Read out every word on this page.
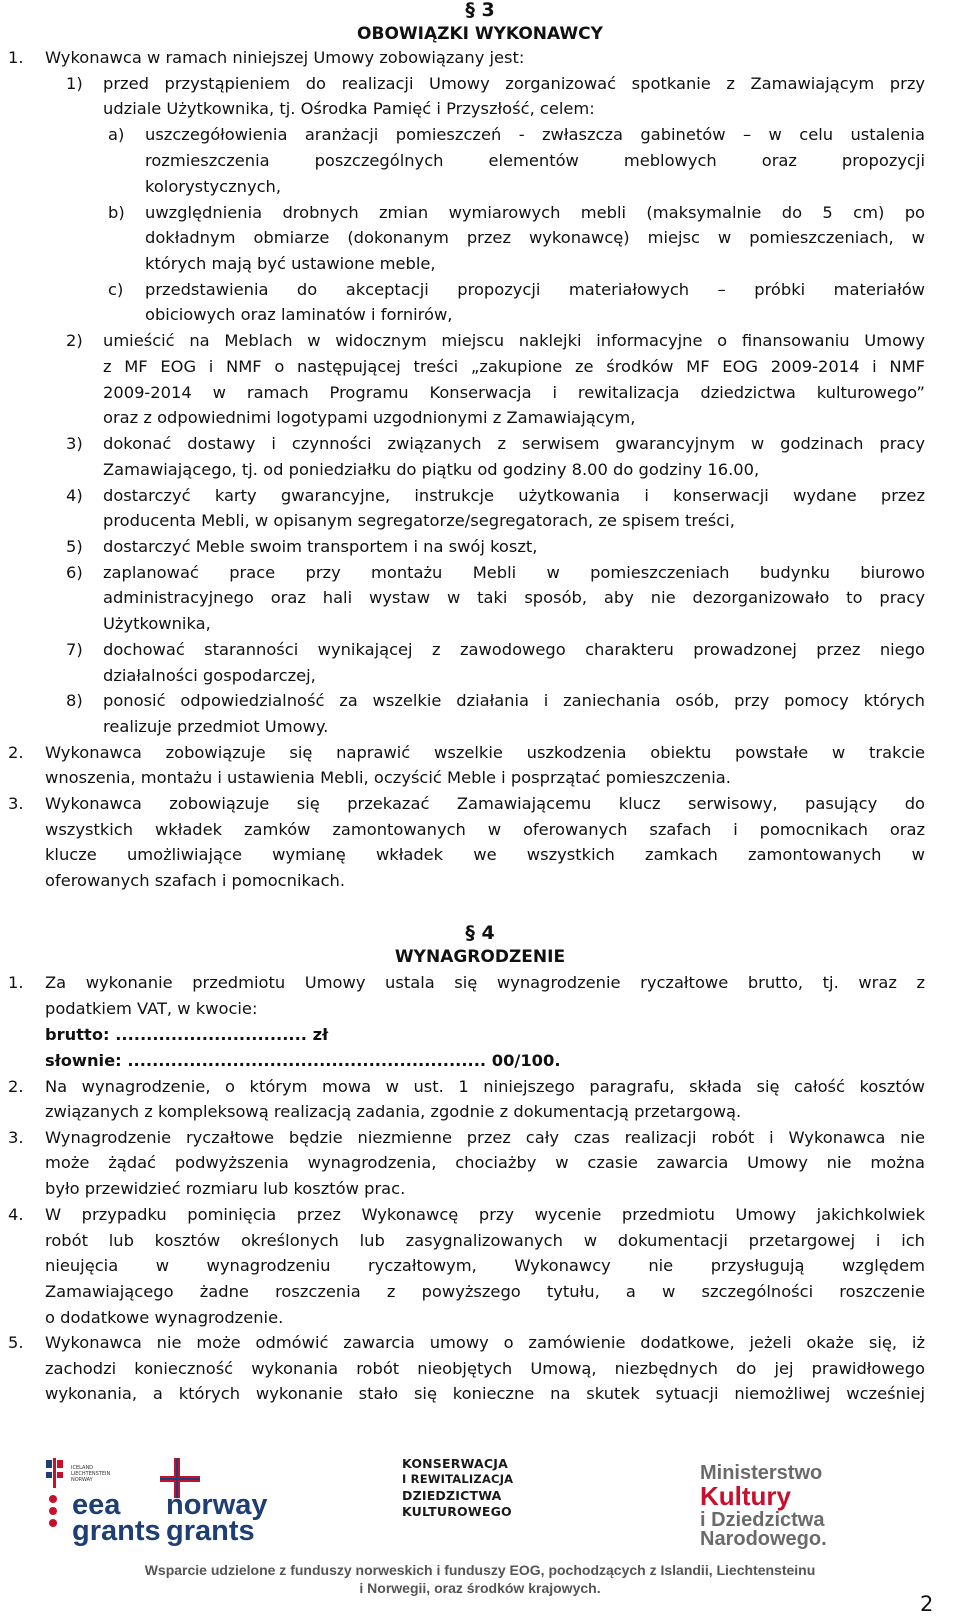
§ 3
OBOWIĄZKI WYKONAWCY
1. Wykonawca w ramach niniejszej Umowy zobowiązany jest:
1) przed przystąpieniem do realizacji Umowy zorganizować spotkanie z Zamawiającym przy
udziale Użytkownika, tj. Ośrodka Pamięć i Przyszłość, celem:
a) uszczegółowienia aranżacji pomieszczeń - zwłaszcza gabinetów – w celu ustalenia
rozmieszczenia poszczególnych elementów meblowych oraz propozycji
kolorystycznych,
b) uwzględnienia drobnych zmian wymiarowych mebli (maksymalnie do 5 cm) po
dokładnym obmiarze (dokonanym przez wykonawcę) miejsc w pomieszczeniach, w
których mają być ustawione meble,
c) przedstawienia do akceptacji propozycji materiałowych – próbki materiałów
obiciowych oraz laminatów i fornirów,
2) umieścić na Meblach w widocznym miejscu naklejki informacyjne o finansowaniu Umowy
z MF EOG i NMF o następującej treści „zakupione ze środków MF EOG 2009-2014 i NMF
2009-2014 w ramach Programu Konserwacja i rewitalizacja dziedzictwa kulturowego”
oraz z odpowiednimi logotypami uzgodnionymi z Zamawiającym,
3) dokonać dostawy i czynności związanych z serwisem gwarancyjnym w godzinach pracy
Zamawiającego, tj. od poniedziałku do piątku od godziny 8.00 do godziny 16.00,
4) dostarczyć karty gwarancyjne, instrukcje użytkowania i konserwacji wydane przez
producenta Mebli, w opisanym segregatorze/segregatorach, ze spisem treści,
5) dostarczyć Meble swoim transportem i na swój koszt,
6) zaplanować prace przy montażu Mebli w pomieszczeniach budynku biurowo
administracyjnego oraz hali wystaw w taki sposób, aby nie dezorganizowało to pracy
Użytkownika,
7) dochować staranności wynikającej z zawodowego charakteru prowadzonej przez niego
działalności gospodarczej,
8) ponosić odpowiedzialność za wszelkie działania i zaniechania osób, przy pomocy których
realizuje przedmiot Umowy.
2. Wykonawca zobowiązuje się naprawić wszelkie uszkodzenia obiektu powstałe w trakcie
wnoszenia, montażu i ustawienia Mebli, oczyścić Meble i posprzątać pomieszczenia.
3. Wykonawca zobowiązuje się przekazać Zamawiającemu klucz serwisowy, pasujący do
wszystkich wkładek zamków zamontowanych w oferowanych szafach i pomocnikach oraz
klucze umożliwiające wymianę wkładek we wszystkich zamkach zamontowanych w
oferowanych szafach i pomocnikach.
§ 4
WYNAGRODZENIE
1. Za wykonanie przedmiotu Umowy ustala się wynagrodzenie ryczałtowe brutto, tj. wraz z
podatkiem VAT, w kwocie:
brutto: ............................... zł
słownie: .......................................................... 00/100.
2. Na wynagrodzenie, o którym mowa w ust. 1 niniejszego paragrafu, składa się całość kosztów
związanych z kompleksową realizacją zadania, zgodnie z dokumentacją przetargową.
3. Wynagrodzenie ryczałtowe będzie niezmienne przez cały czas realizacji robót i Wykonawca nie
może żądać podwyższenia wynagrodzenia, chociażby w czasie zawarcia Umowy nie można
było przewidzieć rozmiaru lub kosztów prac.
4. W przypadku pominięcia przez Wykonawcę przy wycenie przedmiotu Umowy jakichkolwiek
robót lub kosztów określonych lub zasygnalizowanych w dokumentacji przetargowej i ich
nieujęcia w wynagrodzeniu ryczałtowym, Wykonawcy nie przysługują względem
Zamawiającego żadne roszczenia z powyższego tytułu, a w szczególności roszczenie
o dodatkowe wynagrodzenie.
5. Wykonawca nie może odmówić zawarcia umowy o zamówienie dodatkowe, jeżeli okaże się, iż
zachodzi konieczność wykonania robót nieobjętych Umową, niezbędnych do jej prawidłowego
wykonania, a których wykonanie stało się konieczne na skutek sytuacji niemożliwej wcześniej
ICELAND
LIECHTENSTEIN
NORWAY
eea
grants
norway
grants
KONSERWACJA
I REWITALIZACJA
DZIEDZICTWA
KULTUROWEGO
Ministerstwo
Kultury
i Dziedzictwa
Narodowego.
Wsparcie udzielone z funduszy norweskich i funduszy EOG, pochodzących z Islandii, Liechtensteinu
i Norwegii, oraz środków krajowych.
2
